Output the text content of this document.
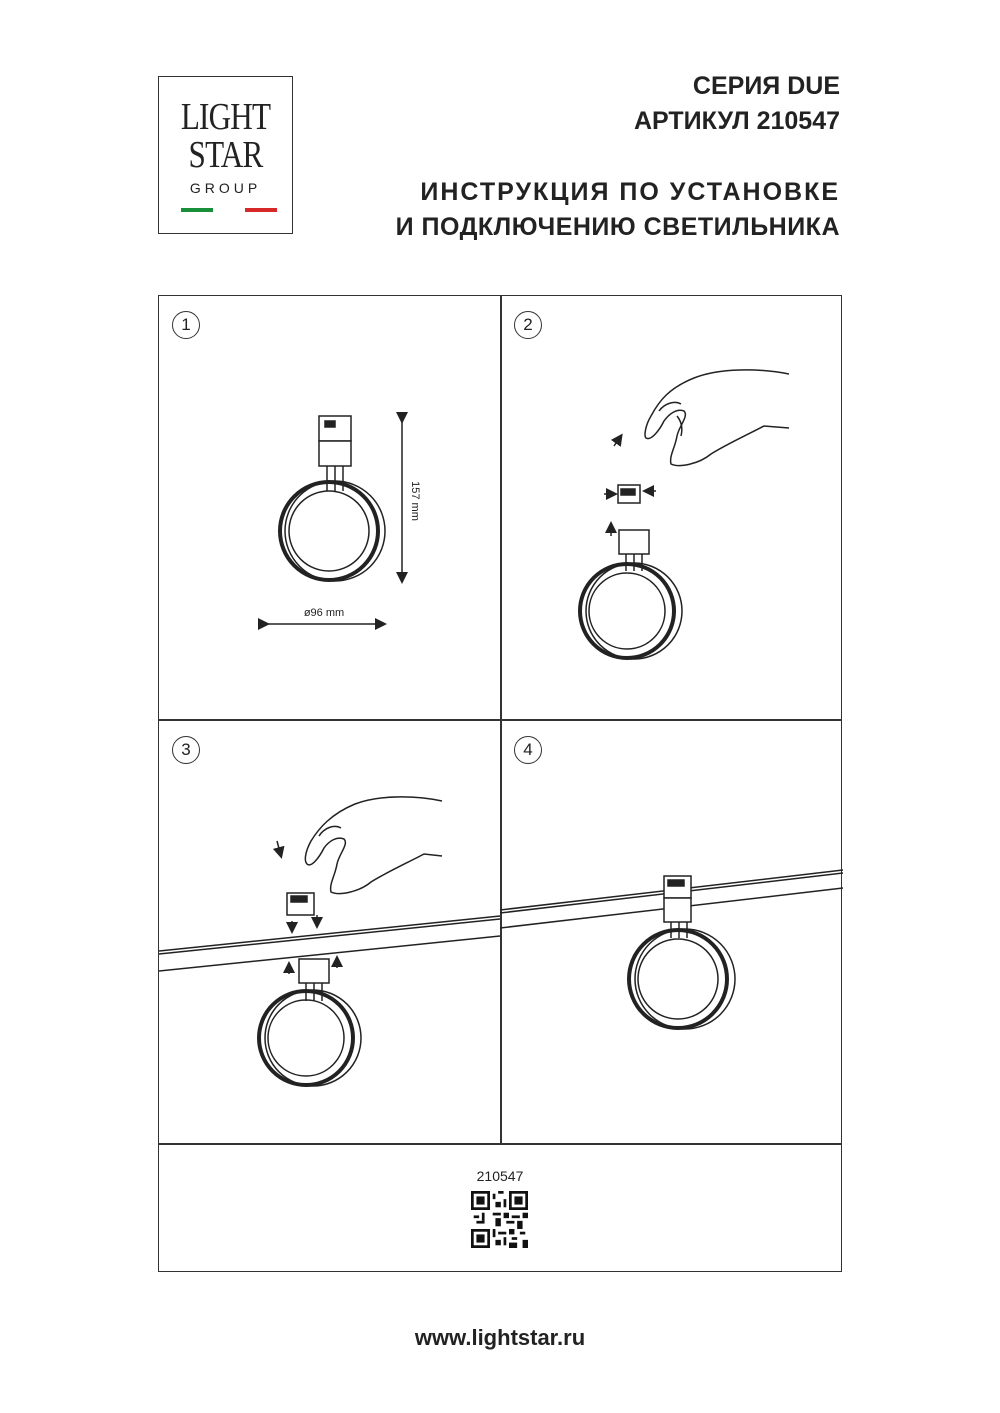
LIGHT
STAR
GROUP
СЕРИЯ DUE
АРТИКУЛ 210547
ИНСТРУКЦИЯ ПО УСТАНОВКЕ
И ПОДКЛЮЧЕНИЮ СВЕТИЛЬНИКА
1	2
3	4
157 mm
ø96 mm
210547
www.lightstar.ru
